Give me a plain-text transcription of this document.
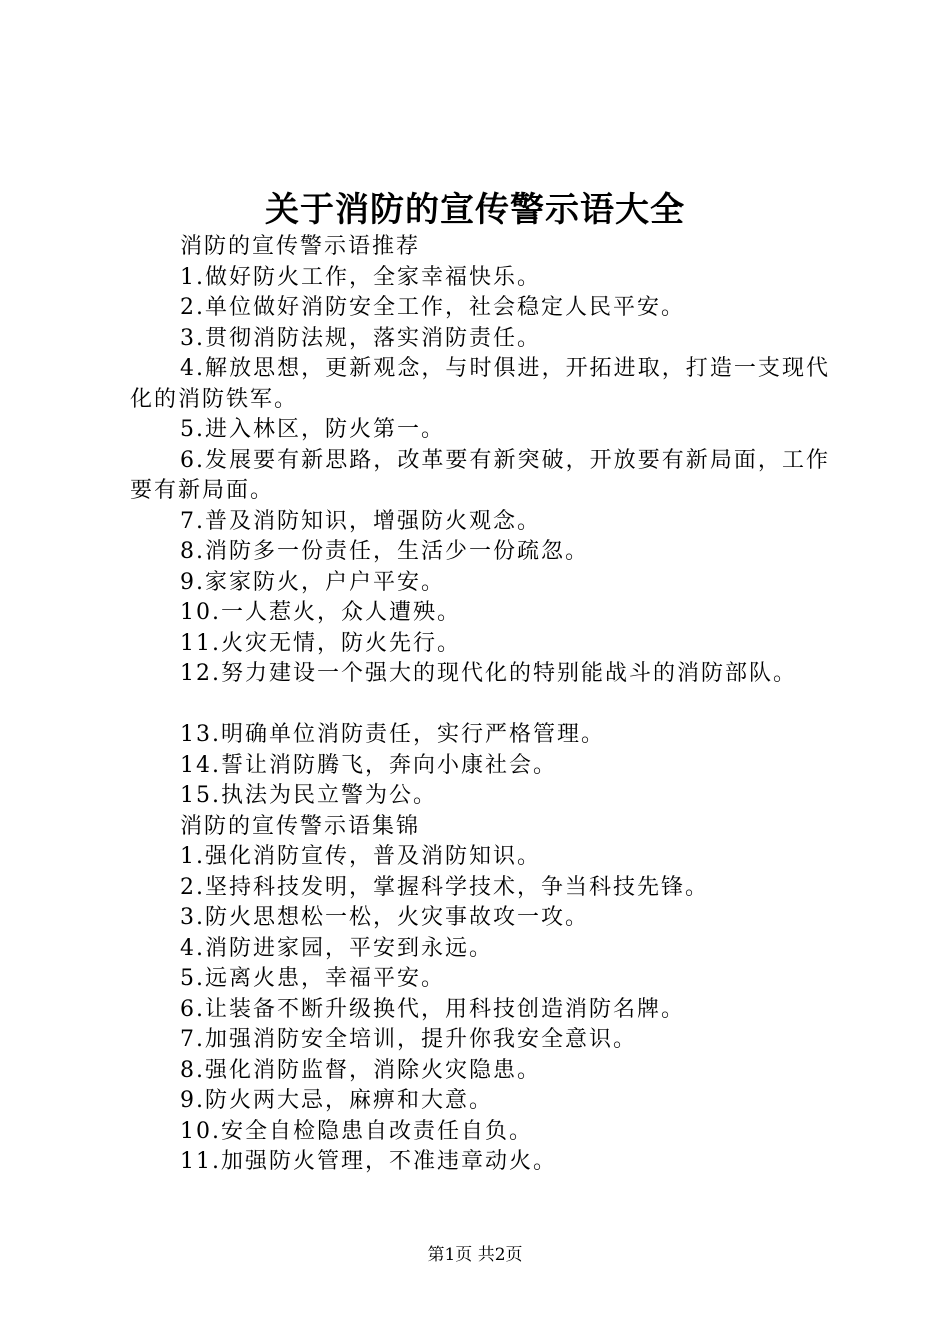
关于消防的宣传警示语大全
消防的宣传警示语推荐
1.做好防火工作，全家幸福快乐。
2.单位做好消防安全工作，社会稳定人民平安。
3.贯彻消防法规，落实消防责任。
4.解放思想，更新观念，与时俱进，开拓进取，打造一支现代化的消防铁军。
5.进入林区，防火第一。
6.发展要有新思路，改革要有新突破，开放要有新局面，工作要有新局面。
7.普及消防知识，增强防火观念。
8.消防多一份责任，生活少一份疏忽。
9.家家防火，户户平安。
10.一人惹火，众人遭殃。
11.火灾无情，防火先行。
12.努力建设一个强大的现代化的特别能战斗的消防部队。
13.明确单位消防责任，实行严格管理。
14.誓让消防腾飞，奔向小康社会。
15.执法为民立警为公。
消防的宣传警示语集锦
1.强化消防宣传，普及消防知识。
2.坚持科技发明，掌握科学技术，争当科技先锋。
3.防火思想松一松，火灾事故攻一攻。
4.消防进家园，平安到永远。
5.远离火患，幸福平安。
6.让装备不断升级换代，用科技创造消防名牌。
7.加强消防安全培训，提升你我安全意识。
8.强化消防监督，消除火灾隐患。
9.防火两大忌，麻痹和大意。
10.安全自检隐患自改责任自负。
11.加强防火管理，不准违章动火。
第1页 共2页
